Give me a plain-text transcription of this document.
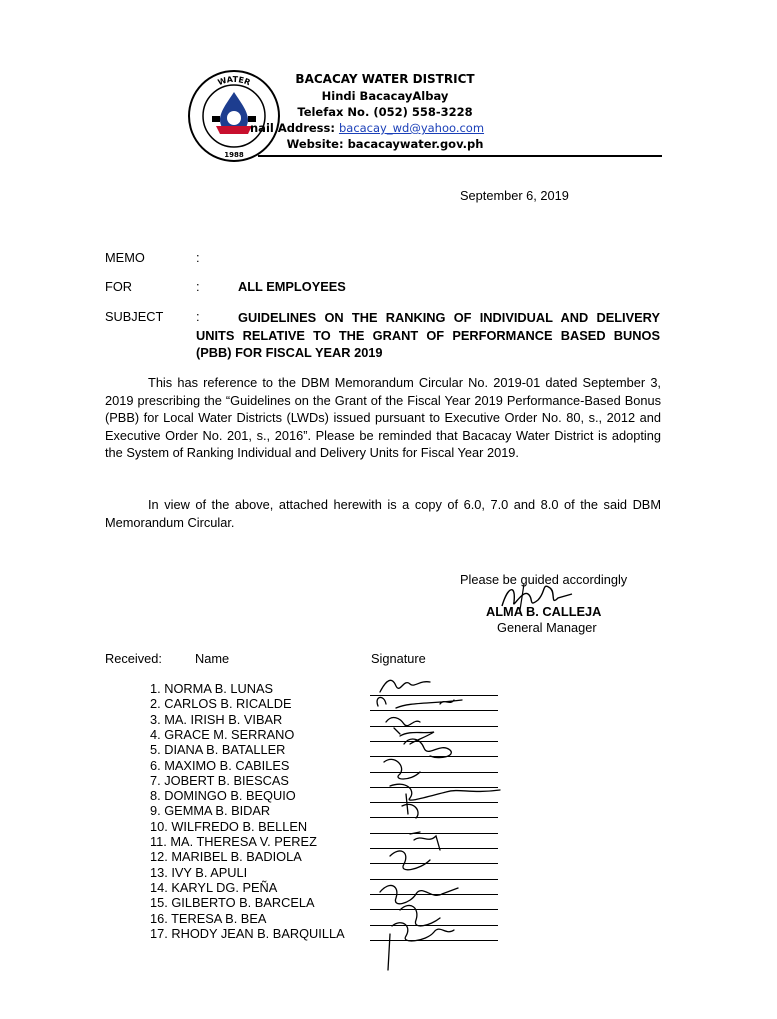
WATER
1988
BACACAY WATER DISTRICT
Hindi BacacayAlbay
Telefax No. (052) 558-3228
nail Address: bacacay_wd@yahoo.com
Website: bacacaywater.gov.ph
September 6, 2019
MEMO	:
FOR	:	ALL EMPLOYEES
SUBJECT	:	GUIDELINES ON THE RANKING OF INDIVIDUAL AND DELIVERY
UNITS RELATIVE TO THE GRANT OF PERFORMANCE BASED BUNOS
(PBB) FOR FISCAL YEAR 2019
This has reference to the DBM Memorandum Circular No. 2019-01 dated September 3, 2019 prescribing the “Guidelines on the Grant of the Fiscal Year 2019 Performance-Based Bonus (PBB) for Local Water Districts (LWDs) issued pursuant to Executive Order No. 80, s., 2012 and Executive Order No. 201, s., 2016”. Please be reminded that Bacacay Water District is adopting the System of Ranking Individual and Delivery Units for Fiscal Year 2019.
In view of the above, attached herewith is a copy of 6.0, 7.0 and 8.0 of the said DBM Memorandum Circular.
Please be guided accordingly
ALMA B. CALLEJA
General Manager
Received:	Name	Signature
1. NORMA B. LUNAS
2. CARLOS B. RICALDE
3. MA. IRISH B. VIBAR
4. GRACE M. SERRANO
5. DIANA B. BATALLER
6. MAXIMO B. CABILES
7. JOBERT B. BIESCAS
8. DOMINGO B. BEQUIO
9. GEMMA B. BIDAR
10. WILFREDO B. BELLEN
11. MA. THERESA V. PEREZ
12. MARIBEL B. BADIOLA
13. IVY B. APULI
14. KARYL DG. PEÑA
15. GILBERTO B. BARCELA
16. TERESA B. BEA
17. RHODY JEAN B. BARQUILLA
